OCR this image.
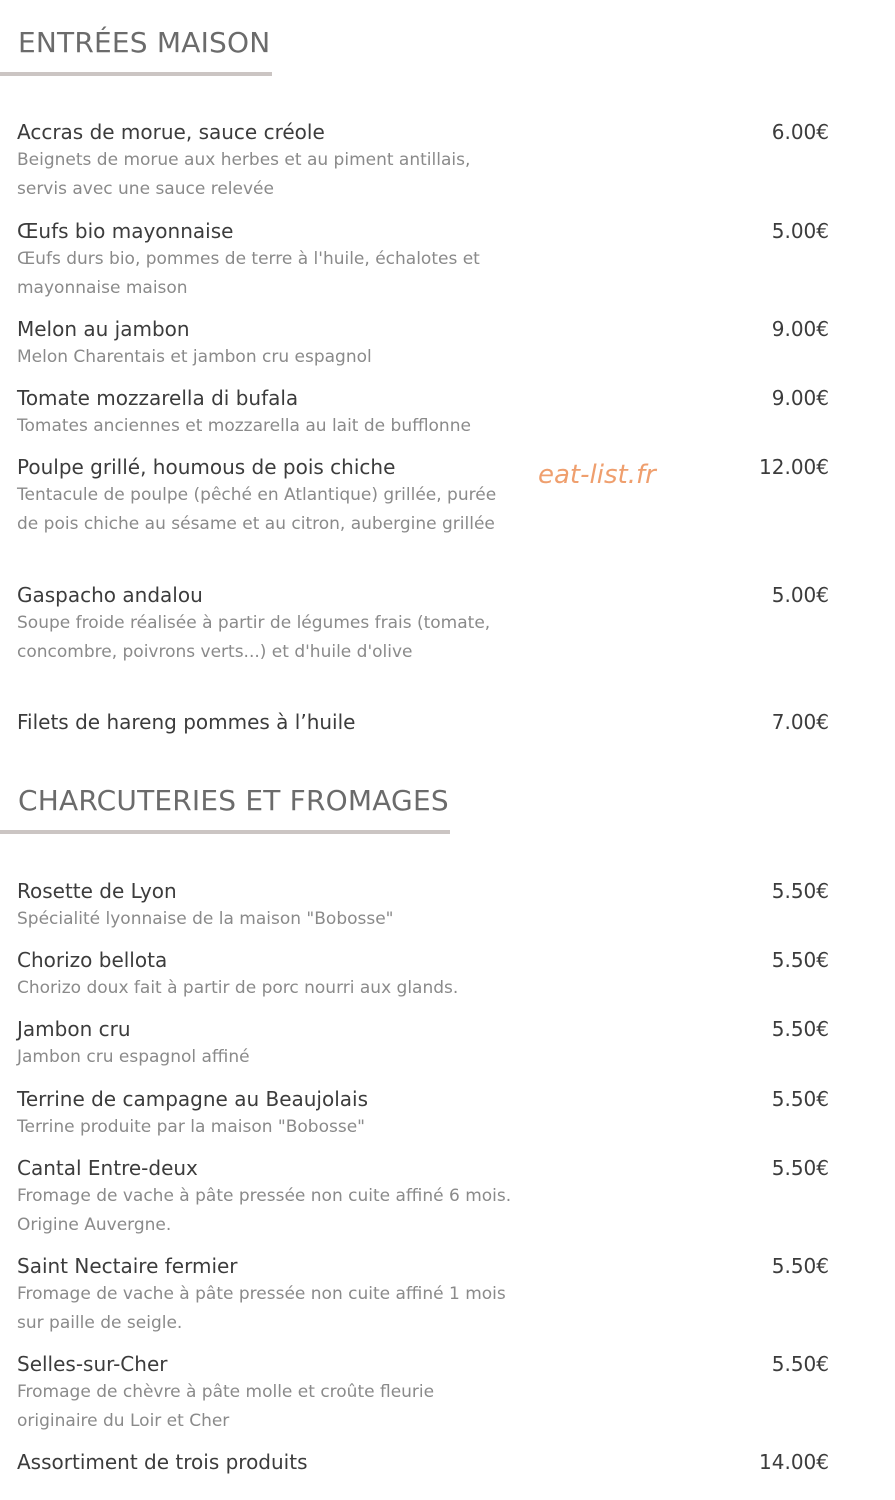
ENTRÉES MAISON
Accras de morue, sauce créole
Beignets de morue aux herbes et au piment antillais, servis avec une sauce relevée
6.00€
Œufs bio mayonnaise
Œufs durs bio, pommes de terre à l'huile, échalotes et mayonnaise maison
5.00€
Melon au jambon
Melon Charentais et jambon cru espagnol
9.00€
Tomate mozzarella di bufala
Tomates anciennes et mozzarella au lait de bufflonne
9.00€
Poulpe grillé, houmous de pois chiche
Tentacule de poulpe (pêché en Atlantique) grillée, purée de pois chiche au sésame et au citron, aubergine grillée
12.00€
Gaspacho andalou
Soupe froide réalisée à partir de légumes frais (tomate, concombre, poivrons verts...) et d'huile d'olive
5.00€
Filets de hareng pommes à l’huile	7.00€
CHARCUTERIES ET FROMAGES
Rosette de Lyon
Spécialité lyonnaise de la maison "Bobosse"
5.50€
Chorizo bellota
Chorizo doux fait à partir de porc nourri aux glands.
5.50€
Jambon cru
Jambon cru espagnol affiné
5.50€
Terrine de campagne au Beaujolais
Terrine produite par la maison "Bobosse"
5.50€
Cantal Entre-deux
Fromage de vache à pâte pressée non cuite affiné 6 mois. Origine Auvergne.
5.50€
Saint Nectaire fermier
Fromage de vache à pâte pressée non cuite affiné 1 mois sur paille de seigle.
5.50€
Selles-sur-Cher
Fromage de chèvre à pâte molle et croûte fleurie originaire du Loir et Cher
5.50€
Assortiment de trois produits	14.00€
eat-list.fr
